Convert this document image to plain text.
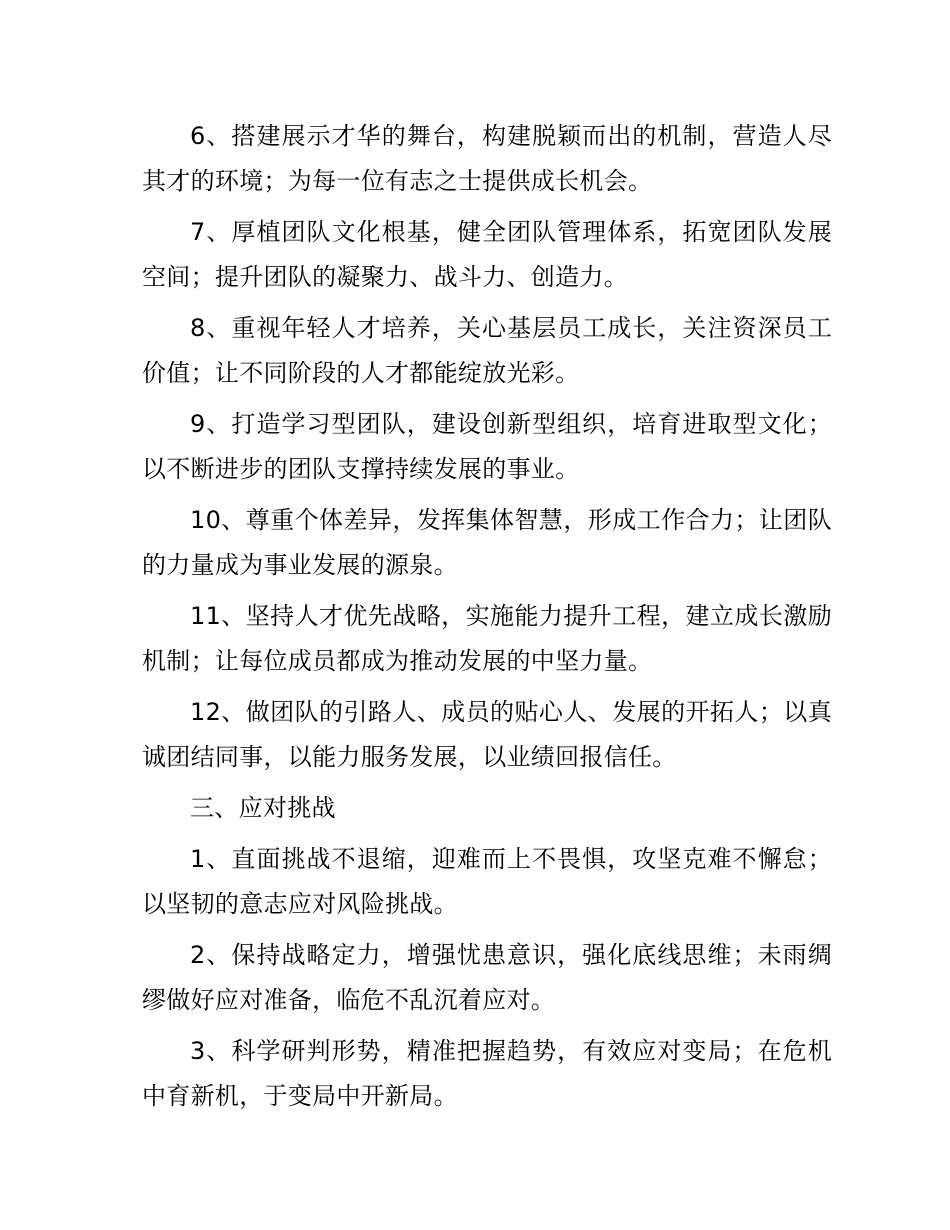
6、搭建展示才华的舞台，构建脱颖而出的机制，营造人尽其才的环境；为每一位有志之士提供成长机会。

7、厚植团队文化根基，健全团队管理体系，拓宽团队发展空间；提升团队的凝聚力、战斗力、创造力。

8、重视年轻人才培养，关心基层员工成长，关注资深员工价值；让不同阶段的人才都能绽放光彩。

9、打造学习型团队，建设创新型组织，培育进取型文化；以不断进步的团队支撑持续发展的事业。

10、尊重个体差异，发挥集体智慧，形成工作合力；让团队的力量成为事业发展的源泉。

11、坚持人才优先战略，实施能力提升工程，建立成长激励机制；让每位成员都成为推动发展的中坚力量。

12、做团队的引路人、成员的贴心人、发展的开拓人；以真诚团结同事，以能力服务发展，以业绩回报信任。

三、应对挑战

1、直面挑战不退缩，迎难而上不畏惧，攻坚克难不懈怠；以坚韧的意志应对风险挑战。

2、保持战略定力，增强忧患意识，强化底线思维；未雨绸缪做好应对准备，临危不乱沉着应对。

3、科学研判形势，精准把握趋势，有效应对变局；在危机中育新机，于变局中开新局。
